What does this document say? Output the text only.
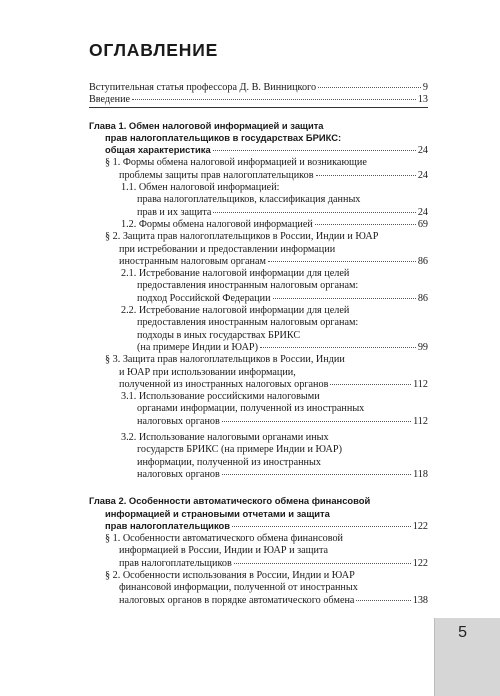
ОГЛАВЛЕНИЕ
Вступительная статья профессора Д. В. Винницкого	9
Введение	13
Глава 1. Обмен налоговой информацией и защита
прав налогоплательщиков в государствах БРИКС:
общая характеристика	24
§ 1. Формы обмена налоговой информацией и возникающие
проблемы защиты прав налогоплательщиков	24
1.1. Обмен налоговой информацией:
права налогоплательщиков, классификация данных
прав и их защита	24
1.2. Формы обмена налоговой информацией	69
§ 2. Защита прав налогоплательщиков в России, Индии и ЮАР
при истребовании и предоставлении информации
иностранным налоговым органам	86
2.1. Истребование налоговой информации для целей
предоставления иностранным налоговым органам:
подход Российской Федерации	86
2.2. Истребование налоговой информации для целей
предоставления иностранным налоговым органам:
подходы в иных государствах БРИКС
(на примере Индии и ЮАР)	99
§ 3. Защита прав налогоплательщиков в России, Индии
и ЮАР при использовании информации,
полученной из иностранных налоговых органов	112
3.1. Использование российскими налоговыми
органами информации, полученной из иностранных
налоговых органов	112
3.2. Использование налоговыми органами иных
государств БРИКС (на примере Индии и ЮАР)
информации, полученной из иностранных
налоговых органов	118
Глава 2. Особенности автоматического обмена финансовой
информацией и страновыми отчетами и защита
прав налогоплательщиков	122
§ 1. Особенности автоматического обмена финансовой
информацией в России, Индии и ЮАР и защита
прав налогоплательщиков	122
§ 2. Особенности использования в России, Индии и ЮАР
финансовой информации, полученной от иностранных
налоговых органов в порядке автоматического обмена	138
5
